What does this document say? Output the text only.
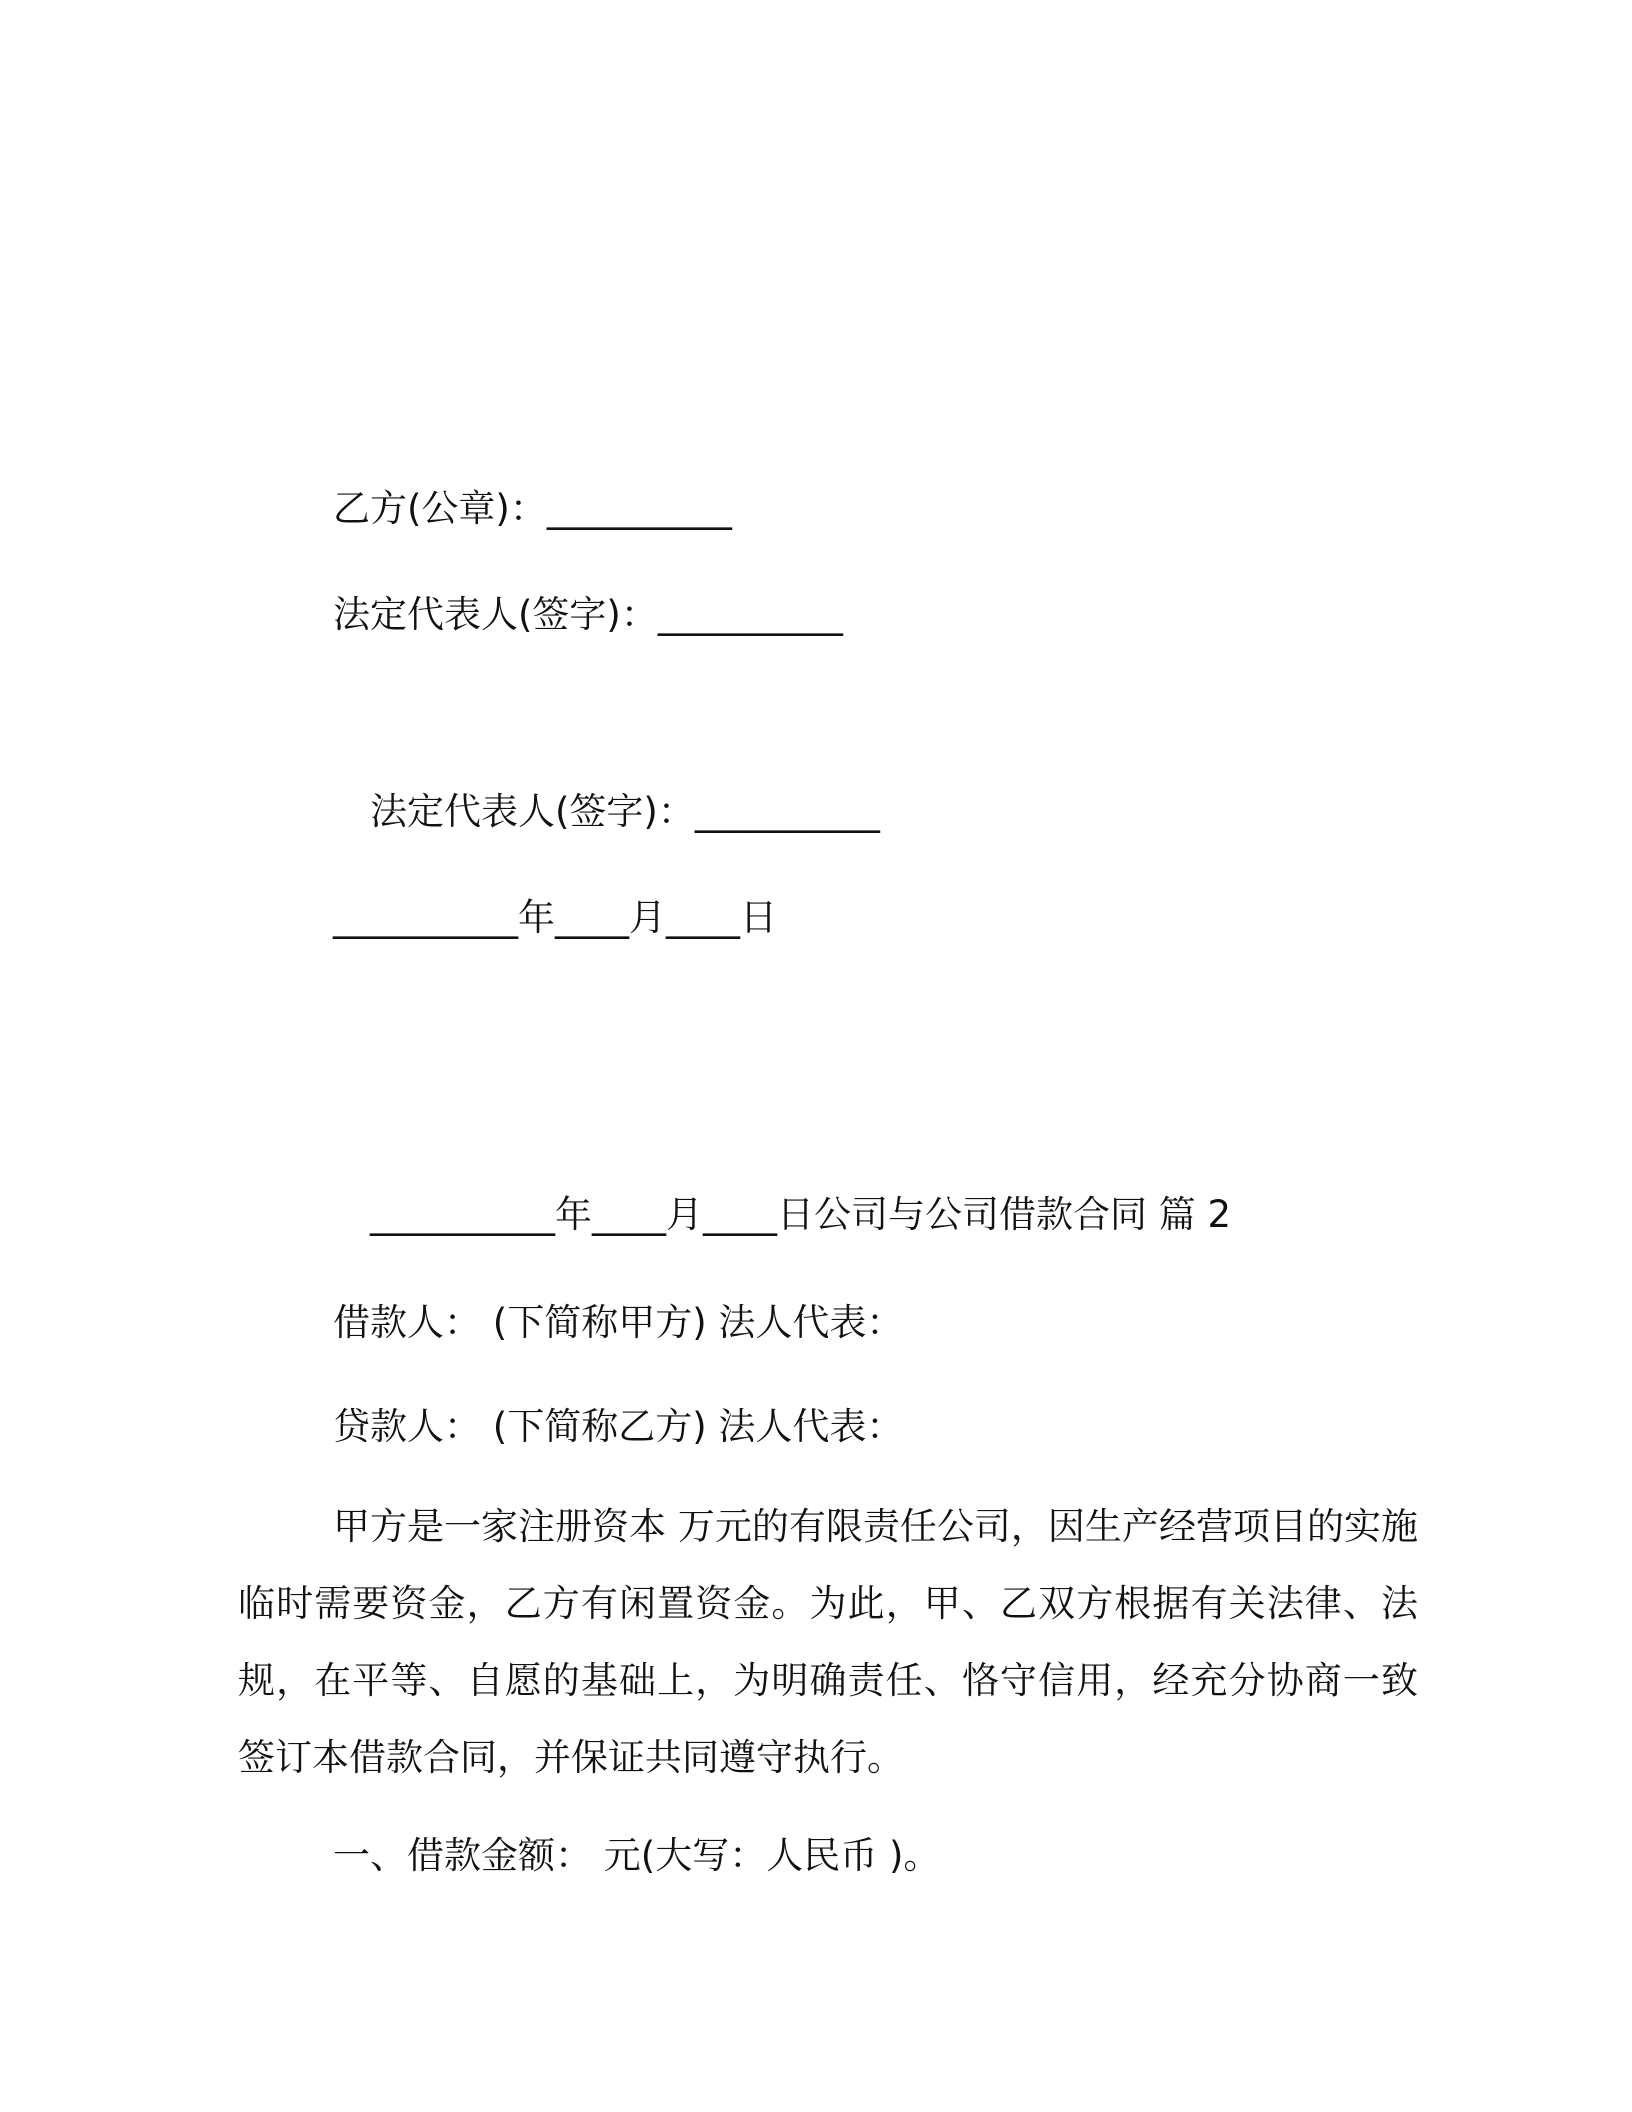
乙方(公章)：__________
法定代表人(签字)：__________
法定代表人(签字)：__________
__________年____月____日
__________年____月____日公司与公司借款合同 篇 2
借款人： (下简称甲方) 法人代表：
贷款人： (下简称乙方) 法人代表：
甲方是一家注册资本 万元的有限责任公司，因生产经营项目的实施临时需要资金，乙方有闲置资金。为此，甲、乙双方根据有关法律、法规，在平等、自愿的基础上，为明确责任、恪守信用，经充分协商一致签订本借款合同，并保证共同遵守执行。
一、借款金额： 元(大写：人民币 )。
